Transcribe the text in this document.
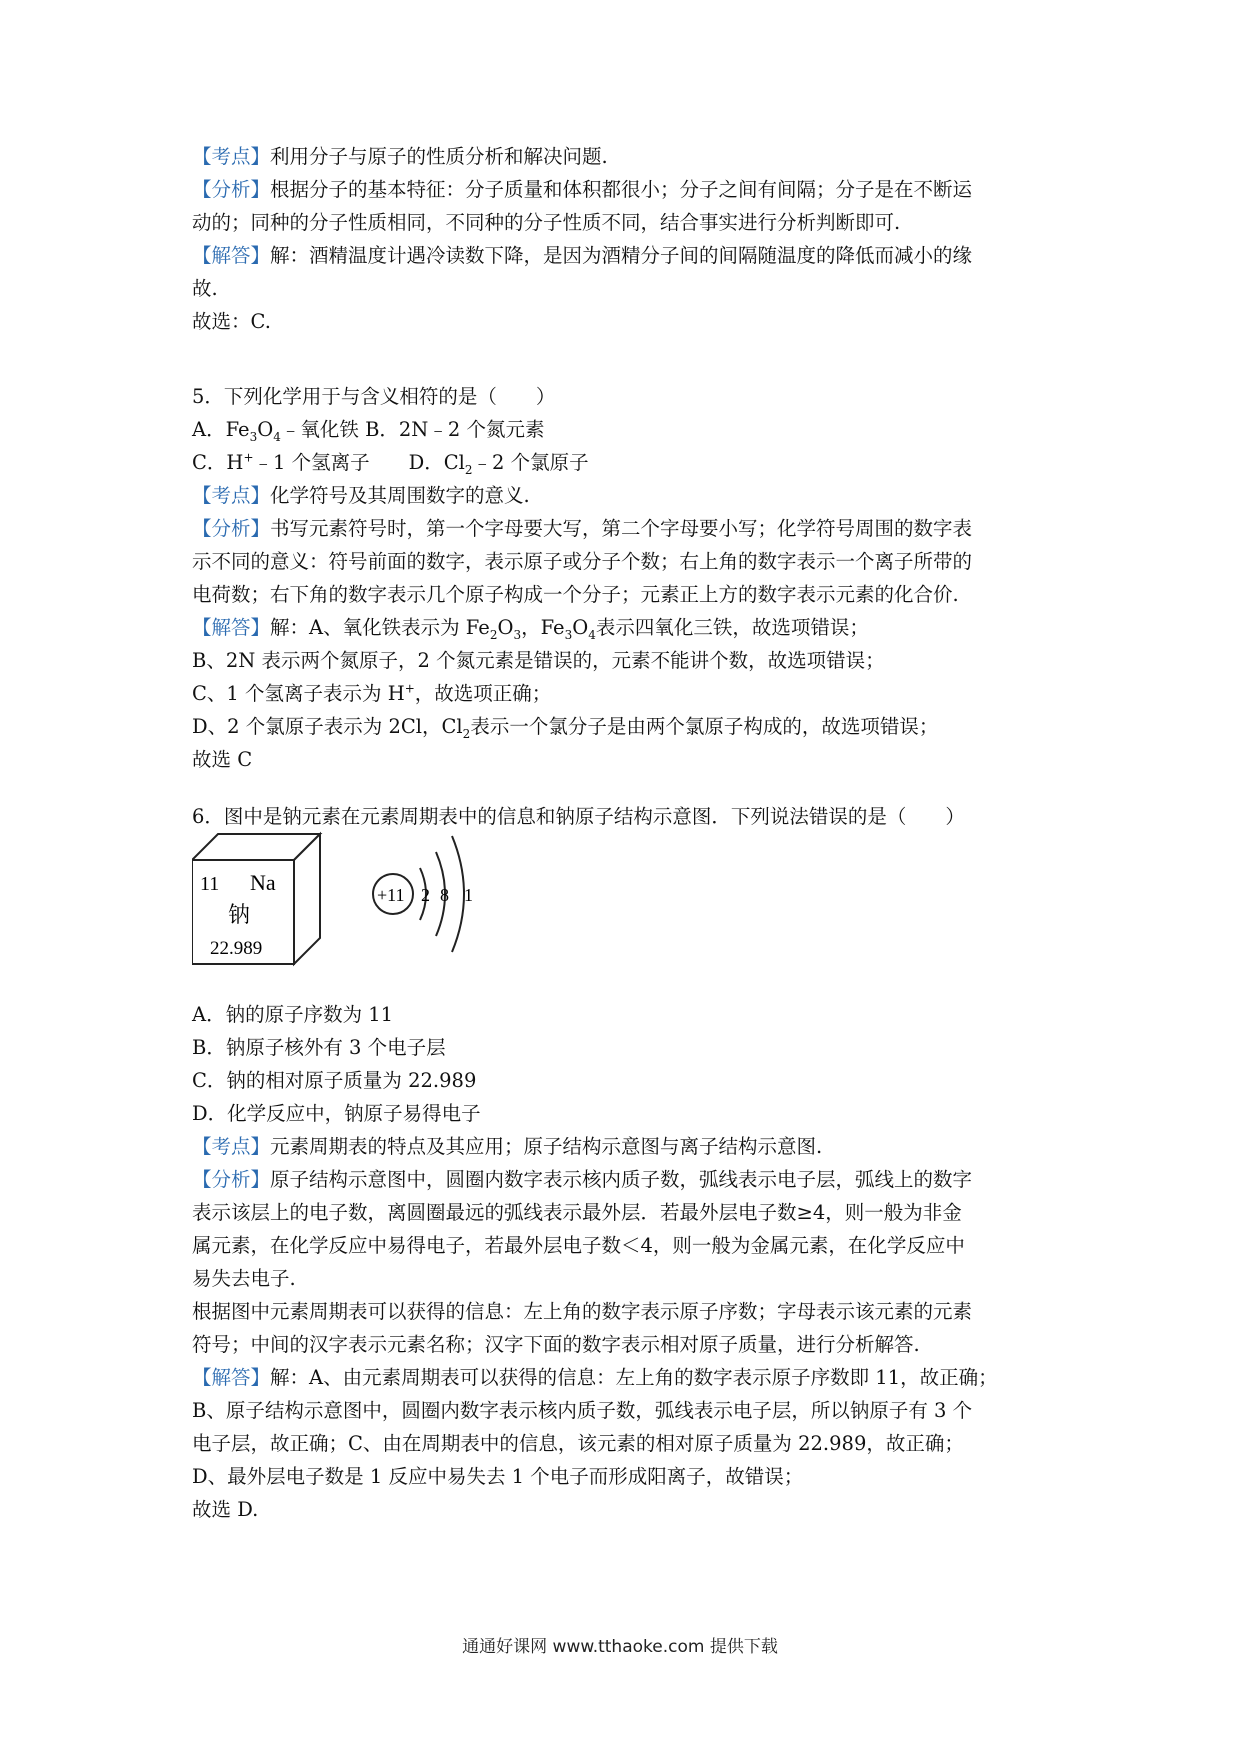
【考点】利用分子与原子的性质分析和解决问题.
【分析】根据分子的基本特征：分子质量和体积都很小；分子之间有间隔；分子是在不断运
动的；同种的分子性质相同，不同种的分子性质不同，结合事实进行分析判断即可.
【解答】解：酒精温度计遇冷读数下降，是因为酒精分子间的间隔随温度的降低而减小的缘
故.
故选：C.
5．下列化学用于与含义相符的是（　　）
A．$Fe_3O_4﹣$氧化铁 B．2N﹣2 个氮元素
C．H+﹣1 个氢离子　　D．$Cl_2﹣2$ 个氯原子
【考点】化学符号及其周围数字的意义.
【分析】书写元素符号时，第一个字母要大写，第二个字母要小写；化学符号周围的数字表
示不同的意义：符号前面的数字，表示原子或分子个数；右上角的数字表示一个离子所带的
电荷数；右下角的数字表示几个原子构成一个分子；元素正上方的数字表示元素的化合价.
【解答】解：A、氧化铁表示为 $Fe_2O_3$，$Fe_3O_4$表示四氧化三铁，故选项错误；
B、2N 表示两个氮原子，2 个氮元素是错误的，元素不能讲个数，故选项错误；
C、1 个氢离子表示为 H+，故选项正确；
D、2 个氯原子表示为 2Cl，$Cl_2$表示一个氯分子是由两个氯原子构成的，故选项错误；
故选 C
6．图中是钠元素在元素周期表中的信息和钠原子结构示意图．下列说法错误的是（　　）
A．钠的原子序数为 11
B．钠原子核外有 3 个电子层
C．钠的相对原子质量为 22.989
D．化学反应中，钠原子易得电子
【考点】元素周期表的特点及其应用；原子结构示意图与离子结构示意图.
【分析】原子结构示意图中，圆圈内数字表示核内质子数，弧线表示电子层，弧线上的数字
表示该层上的电子数，离圆圈最远的弧线表示最外层．若最外层电子数≥4，则一般为非金
属元素，在化学反应中易得电子，若最外层电子数＜4，则一般为金属元素，在化学反应中
易失去电子.
根据图中元素周期表可以获得的信息：左上角的数字表示原子序数；字母表示该元素的元素
符号；中间的汉字表示元素名称；汉字下面的数字表示相对原子质量，进行分析解答.
【解答】解：A、由元素周期表可以获得的信息：左上角的数字表示原子序数即 11，故正确；
B、原子结构示意图中，圆圈内数字表示核内质子数，弧线表示电子层，所以钠原子有 3 个
电子层，故正确；C、由在周期表中的信息，该元素的相对原子质量为 22.989，故正确；
D、最外层电子数是 1 反应中易失去 1 个电子而形成阳离子，故错误；
故选 D.
11 Na
钠
22.989
+11 2 8 1
通通好课网 www.tthaoke.com 提供下载
